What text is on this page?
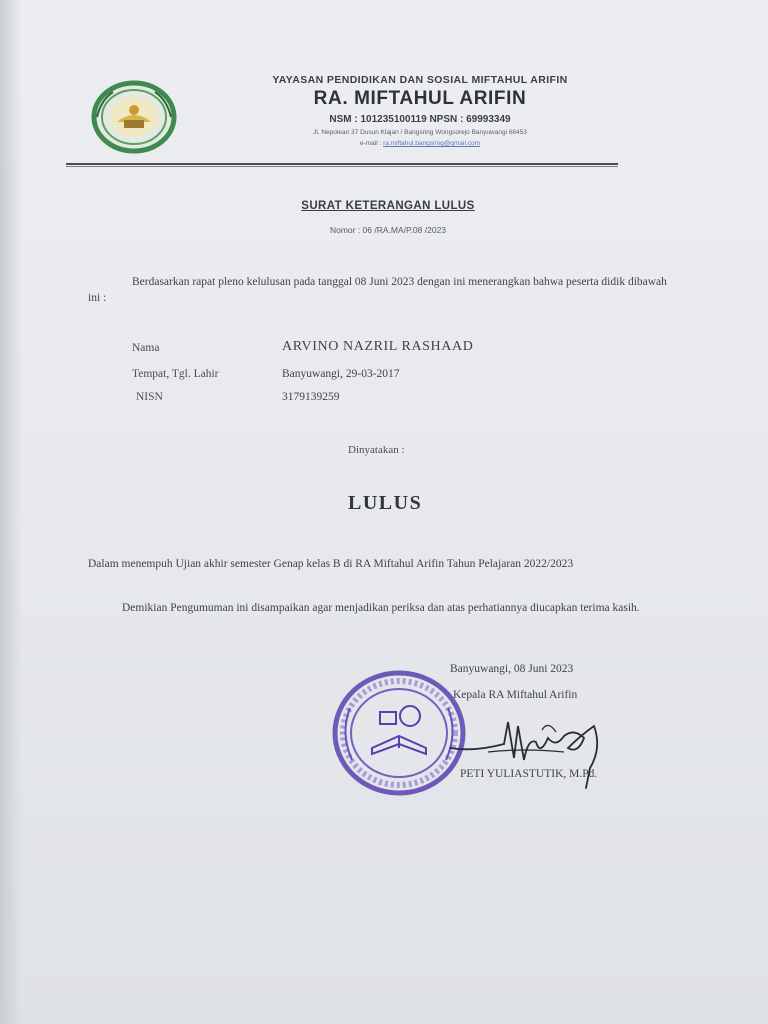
YAYASAN PENDIDIKAN DAN SOSIAL MIFTAHUL ARIFIN
RA. MIFTAHUL ARIFIN
NSM : 101235100119 NPSN : 69993349
Jl. Nepolean 37 Dusun Klajan / Bangsring Wongsorejo Banyuwangi 68453
e-mail : ra.miftahul.bangsring@gmail.com
SURAT KETERANGAN LULUS
Nomor : 06 /RA.MA/P.08 /2023
Berdasarkan rapat pleno kelulusan pada tanggal 08 Juni 2023 dengan ini menerangkan bahwa peserta didik dibawah ini :
Nama	ARVINO NAZRIL RASHAAD
Tempat, Tgl. Lahir	Banyuwangi, 29-03-2017
NISN	3179139259
Dinyatakan :
LULUS
Dalam menempuh Ujian akhir semester Genap kelas B di RA Miftahul Arifin Tahun Pelajaran 2022/2023
Demikian Pengumuman ini disampaikan agar menjadikan periksa dan atas perhatiannya diucapkan terima kasih.
Banyuwangi, 08 Juni 2023
Kepala RA Miftahul Arifin
PETI YULIASTUTIK, M.Pd.
